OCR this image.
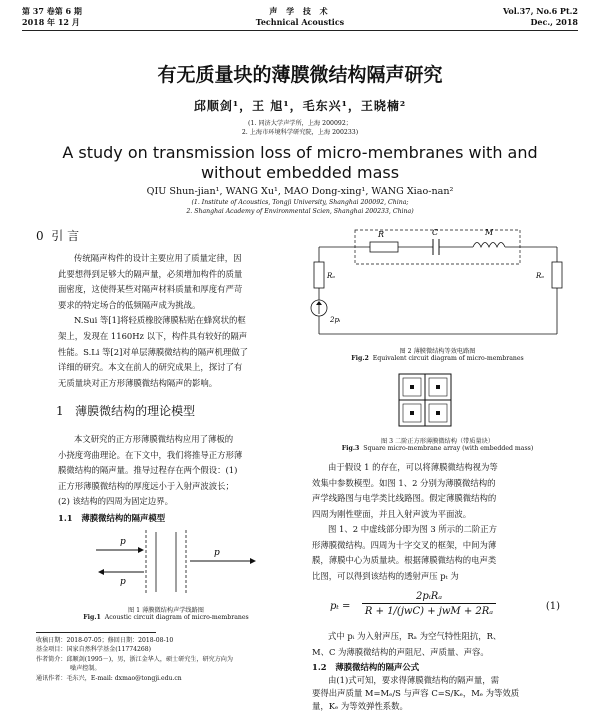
第 37 卷第 6 期
2018 年 12 月
声 学 技 术
Technical Acoustics
Vol.37, No.6 Pt.2
Dec., 2018
有无质量块的薄膜微结构隔声研究
邱顺剑¹，王 旭¹，毛东兴¹，王晓楠²
(1. 同济大学声学所，上海 200092；
2. 上海市环境科学研究院，上海 200233)
A study on transmission loss of micro-membranes with and
without embedded mass
QIU Shun-jian¹, WANG Xu¹, MAO Dong-xing¹, WANG Xiao-nan²
(1. Institute of Acoustics, Tongji University, Shanghai 200092, China;
2. Shanghai Academy of Environmental Scien, Shanghai 200233, China)
0 引 言

传统隔声构件的设计主要应用了质量定律，因

此要想得到足够大的隔声量，必须增加构件的质量

面密度，这使得某些对隔声材料质量和厚度有严苛

要求的特定场合的低频隔声成为挑战。

N.Sui 等[1]将轻质橡胶薄膜粘贴在蜂窝状的框

架上，发现在 1160Hz 以下，构件具有较好的隔声

性能。S.Li 等[2]对单层薄膜微结构的隔声机理做了

详细的研究。本文在前人的研究成果上，探讨了有

无质量块对正方形薄膜微结构隔声的影响。

1 薄膜微结构的理论模型

本文研究的正方形薄膜微结构应用了薄板的

小挠度弯曲理论。在下文中，我们将推导正方形薄

膜微结构的隔声量。推导过程存在两个假设：(1)

正方形薄膜微结构的厚度远小于入射声波波长；

(2) 该结构的四周为固定边界。

1.1 薄膜微结构的隔声模型
p
p
p
图 1 薄膜微结构声学线路图
Fig.1 Acoustic circuit diagram of micro-membranes
收稿日期：2018-07-05；修回日期：2018-08-10
基金项目：国家自然科学基金(11774268)
作者简介：邱顺剑(1995－)，男，浙江金华人，硕士研究生，研究方向为
噪声控制。
通讯作者：毛东兴，E-mail: dxmao@tongji.edu.cn
R	C	M
Rₐ	Rₐ
2pᵢ
图 2 薄膜微结构等效电路图
Fig.2 Equivalent circuit diagram of micro-membranes
图 3 二阶正方形薄膜微结构（带质量块）
Fig.3 Square micro-membrane array (with embedded mass)

由于假设 1 的存在，可以将薄膜微结构视为等

效集中参数模型。如图 1、2 分别为薄膜微结构的

声学线路图与电学类比线路图。假定薄膜微结构的

四周为刚性壁面，并且入射声波为平面波。

图 1、2 中虚线部分即为图 3 所示的二阶正方

形薄膜微结构。四周为十字交叉的框架，中间为薄

膜，薄膜中心为质量块。根据薄膜微结构的电声类

比图，可以得到该结构的透射声压 pₜ 为

pₜ =
2pᵢRₐ
R + 1/(jwC) + jwM + 2Rₐ	(1)

式中 pᵢ 为入射声压，Rₐ 为空气特性阻抗，R、

M、C 为薄膜微结构的声阻尼、声质量、声容。

1.2 薄膜微结构的隔声公式

由(1)式可知，要求得薄膜微结构的隔声量，需

要得出声质量 M=Mₑ/S 与声容 C=S/Kₑ，Mₑ 为等效质

量，Kₑ 为等效弹性系数。
